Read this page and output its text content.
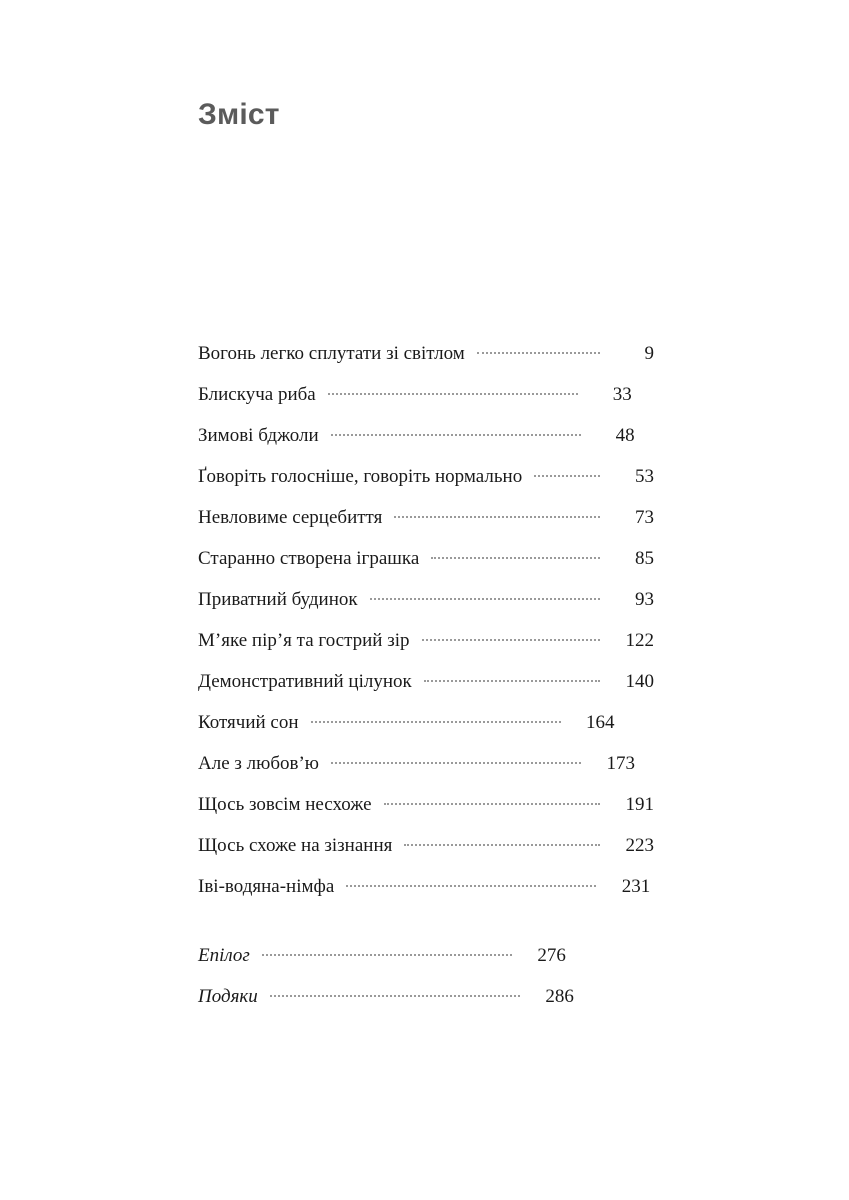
Зміст
Вогонь легко сплутати зі світлом	9
Блискуча риба	33
Зимові бджоли	48
Ґоворіть голосніше, говоріть нормально	53
Невловиме серцебиття	73
Старанно створена іграшка	85
Приватний будинок	93
М’яке пір’я та гострий зір	122
Демонстративний цілунок	140
Котячий сон	164
Але з любов’ю	173
Щось зовсім несхоже	191
Щось схоже на зізнання	223
Іві-водяна-німфа	231
Епілог	276
Подяки	286
